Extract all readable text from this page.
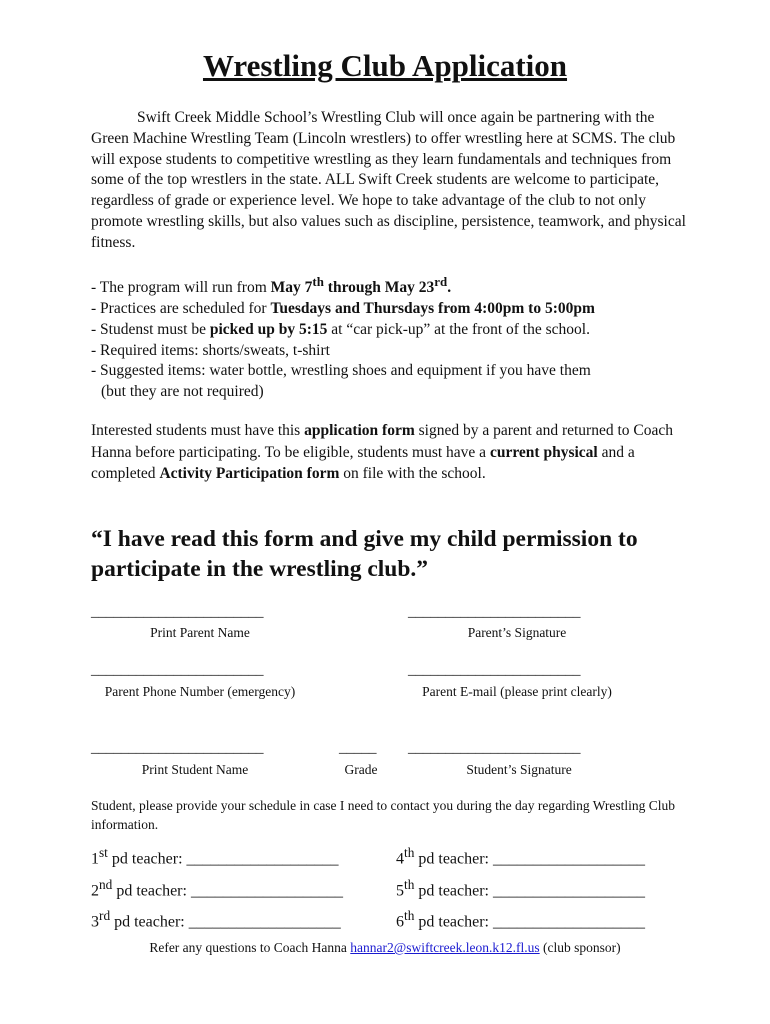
Wrestling Club Application

Swift Creek Middle School’s Wrestling Club will once again be partnering with the Green Machine Wrestling Team (Lincoln wrestlers) to offer wrestling here at SCMS. The club will expose students to competitive wrestling as they learn fundamentals and techniques from some of the top wrestlers in the state. ALL Swift Creek students are welcome to participate, regardless of grade or experience level. We hope to take advantage of the club to not only promote wrestling skills, but also values such as discipline, persistence, teamwork, and physical fitness.

- The program will run from May 7th through May 23rd.
- Practices are scheduled for Tuesdays and Thursdays from 4:00pm to 5:00pm
- Studenst must be picked up by 5:15 at “car pick-up” at the front of the school.
- Required items: shorts/sweats, t-shirt
- Suggested items: water bottle, wrestling shoes and equipment if you have them
(but they are not required)

Interested students must have this application form signed by a parent and returned to Coach Hanna before participating. To be eligible, students must have a current physical and a completed Activity Participation form on file with the school.

“I have read this form and give my child permission to participate in the wrestling club.”

_______________________	_______________________
Print Parent Name	Parent’s Signature
_______________________	_______________________
Parent Phone Number (emergency)	Parent E-mail (please print clearly)
_______________________	_____ _______________________
Print Student Name	Grade	Student’s Signature

Student, please provide your schedule in case I need to contact you during the day regarding Wrestling Club information.

1st pd teacher: ___________________	4th pd teacher: ___________________
2nd pd teacher: ___________________	5th pd teacher: ___________________
3rd pd teacher: ___________________	6th pd teacher: ___________________
Refer any questions to Coach Hanna hannar2@swiftcreek.leon.k12.fl.us (club sponsor)
